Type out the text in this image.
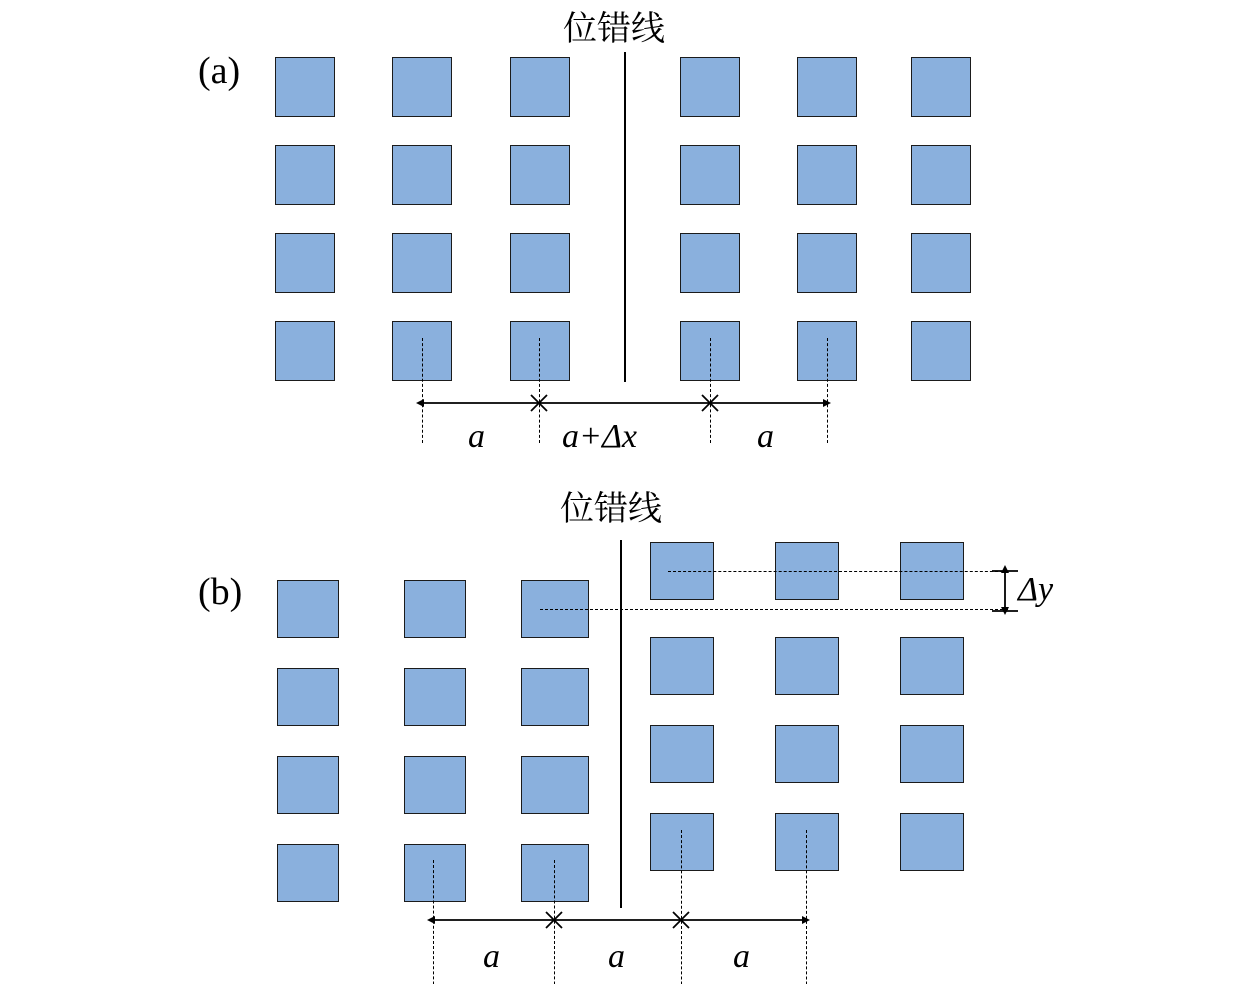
位错线
(a)
a a+Δx	a
位错线
(b)
a	a	a
Δy
